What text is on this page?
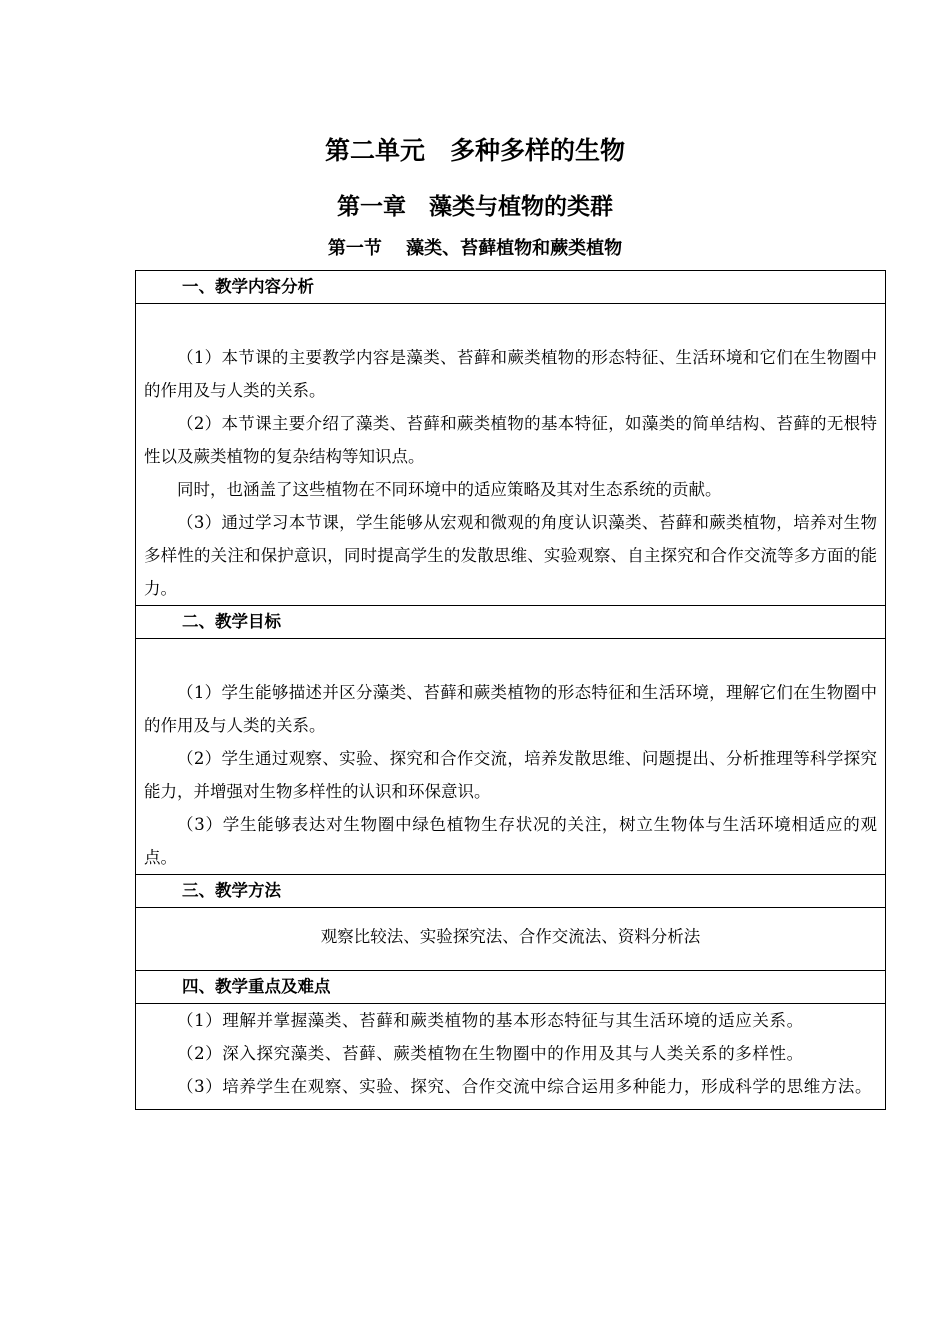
第二单元　多种多样的生物
第一章　藻类与植物的类群
第一节　 藻类、苔藓植物和蕨类植物
一、教学内容分析

（1）本节课的主要教学内容是藻类、苔藓和蕨类植物的形态特征、生活环境和它们在生物圈中的作用及与人类的关系。

（2）本节课主要介绍了藻类、苔藓和蕨类植物的基本特征，如藻类的简单结构、苔藓的无根特性以及蕨类植物的复杂结构等知识点。

同时，也涵盖了这些植物在不同环境中的适应策略及其对生态系统的贡献。

（3）通过学习本节课，学生能够从宏观和微观的角度认识藻类、苔藓和蕨类植物，培养对生物多样性的关注和保护意识，同时提高学生的发散思维、实验观察、自主探究和合作交流等多方面的能力。

二、教学目标

（1）学生能够描述并区分藻类、苔藓和蕨类植物的形态特征和生活环境，理解它们在生物圈中的作用及与人类的关系。

（2）学生通过观察、实验、探究和合作交流，培养发散思维、问题提出、分析推理等科学探究能力，并增强对生物多样性的认识和环保意识。

（3）学生能够表达对生物圈中绿色植物生存状况的关注，树立生物体与生活环境相适应的观点。

三、教学方法
观察比较法、实验探究法、合作交流法、资料分析法
四、教学重点及难点

（1）理解并掌握藻类、苔藓和蕨类植物的基本形态特征与其生活环境的适应关系。

（2）深入探究藻类、苔藓、蕨类植物在生物圈中的作用及其与人类关系的多样性。

（3）培养学生在观察、实验、探究、合作交流中综合运用多种能力，形成科学的思维方法。
